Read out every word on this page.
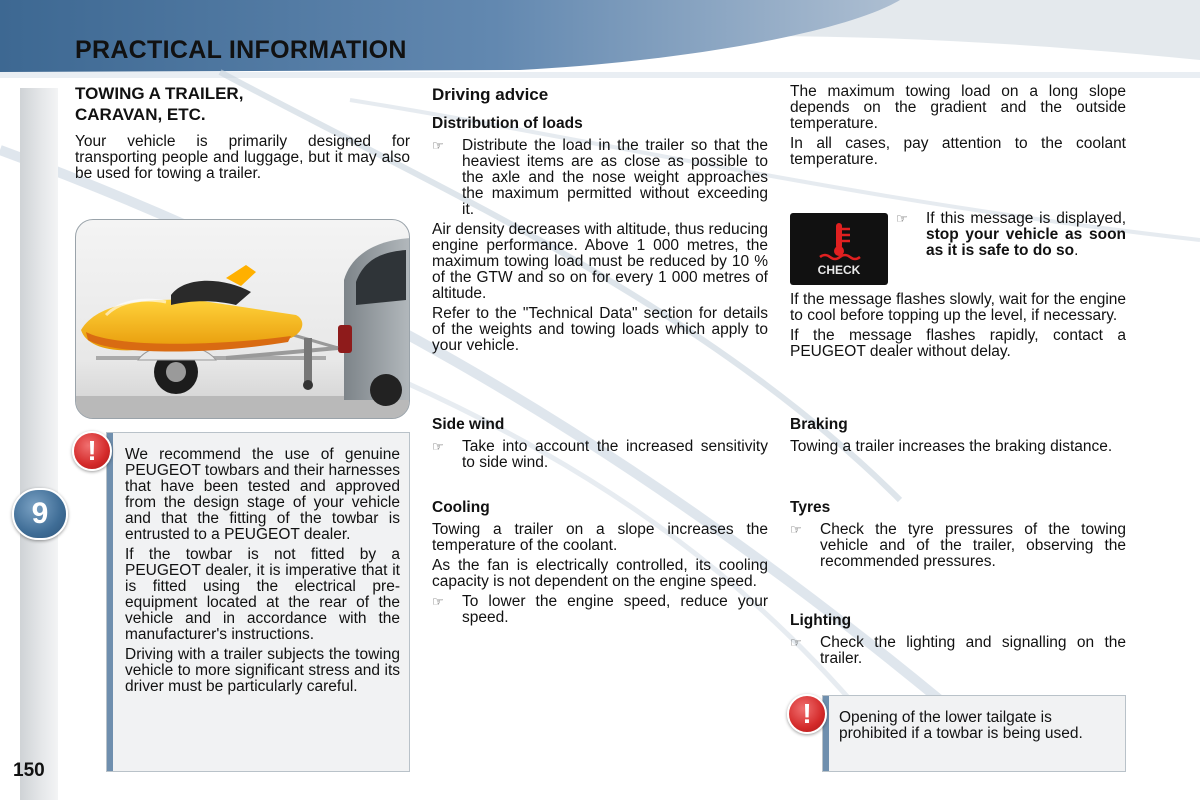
PRACTICAL INFORMATION
9
150
TOWING A TRAILER,
CARAVAN, ETC.

Your vehicle is primarily designed for transporting people and luggage, but it may also be used for towing a trailer.

We recommend the use of genuine PEUGEOT towbars and their harnesses that have been tested and approved from the design stage of your vehicle and that the fitting of the towbar is entrusted to a PEUGEOT dealer.

If the towbar is not fitted by a PEUGEOT dealer, it is imperative that it is fitted using the electrical pre-equipment located at the rear of the vehicle and in accordance with the manufacturer's instructions.

Driving with a trailer subjects the towing vehicle to more significant stress and its driver must be particularly careful.

!
Driving advice
Distribution of loads
☞	Distribute the load in the trailer so that the heaviest items are as close as possible to the axle and the nose weight approaches the maximum permitted without exceeding it.

Air density decreases with altitude, thus reducing engine performance. Above 1 000 metres, the maximum towing load must be reduced by 10 % of the GTW and so on for every 1 000 metres of altitude.

Refer to the "Technical Data" section for details of the weights and towing loads which apply to your vehicle.

Side wind
☞	Take into account the increased sensitivity to side wind.
Cooling

Towing a trailer on a slope increases the temperature of the coolant.

As the fan is electrically controlled, its cooling capacity is not dependent on the engine speed.

☞	To lower the engine speed, reduce your speed.

The maximum towing load on a long slope depends on the gradient and the outside temperature.

In all cases, pay attention to the coolant temperature.

CHECK
☞	If this message is displayed, stop your vehicle as soon as it is safe to do so.

If the message flashes slowly, wait for the engine to cool before topping up the level, if necessary.

If the message flashes rapidly, contact a PEUGEOT dealer without delay.

Braking

Towing a trailer increases the braking distance.

Tyres
☞	Check the tyre pressures of the towing vehicle and of the trailer, observing the recommended pressures.
Lighting
☞	Check the lighting and signalling on the trailer.
Opening of the lower tailgate is prohibited if a towbar is being used.
!
